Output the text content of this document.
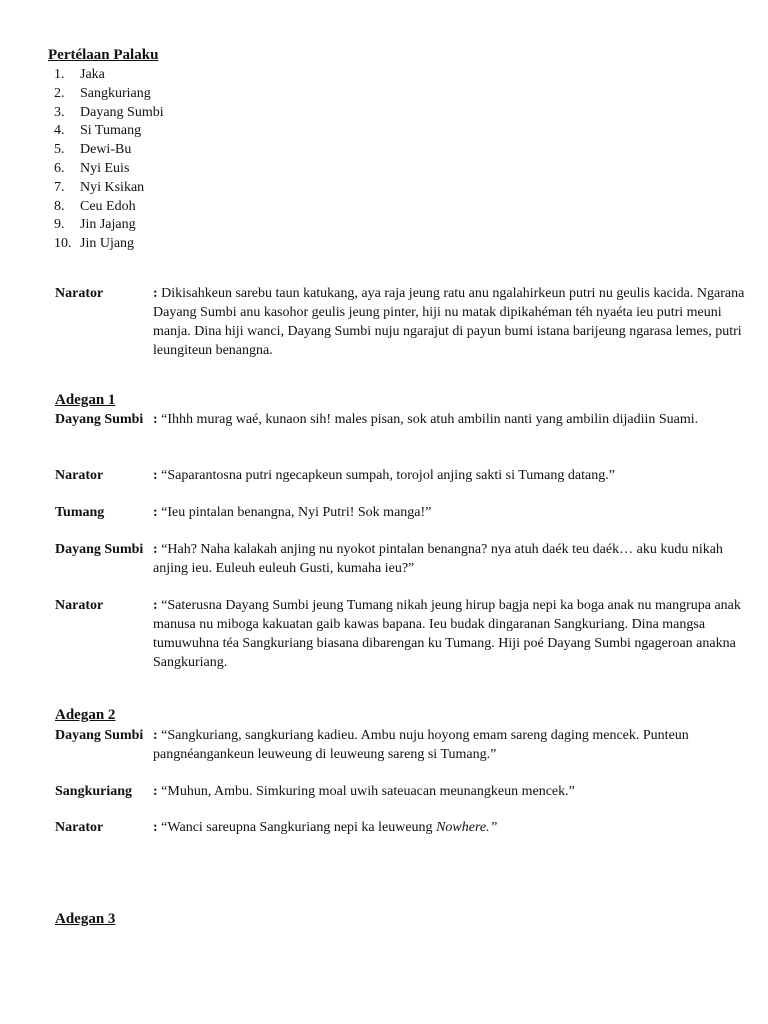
Pertélaan Palaku
1. Jaka
2. Sangkuriang
3. Dayang Sumbi
4. Si Tumang
5. Dewi-Bu
6. Nyi Euis
7. Nyi Ksikan
8. Ceu Edoh
9. Jin Jajang
10. Jin Ujang
Narator	: Dikisahkeun sarebu taun katukang, aya raja jeung ratu anu ngalahirkeun putri nu geulis kacida. Ngarana Dayang Sumbi anu kasohor geulis jeung pinter, hiji nu matak dipikahéman téh nyaéta ieu putri meuni manja. Dina hiji wanci, Dayang Sumbi nuju ngarajut di payun bumi istana barijeung ngarasa lemes, putri leungiteun benangna.
Adegan 1
Dayang Sumbi : “Ihhh murag waé, kunaon sih! males pisan, sok atuh ambilin nanti yang ambilin dijadiin Suami.
Narator	: “Saparantosna putri ngecapkeun sumpah, torojol anjing sakti si Tumang datang.”
Tumang	: “Ieu pintalan benangna, Nyi Putri! Sok manga!”
Dayang Sumbi : “Hah? Naha kalakah anjing nu nyokot pintalan benangna? nya atuh daék teu daék… aku kudu nikah anjing ieu. Euleuh euleuh Gusti, kumaha ieu?”
Narator	: “Saterusna Dayang Sumbi jeung Tumang nikah jeung hirup bagja nepi ka boga anak nu mangrupa anak manusa nu miboga kakuatan gaib kawas bapana. Ieu budak dingaranan Sangkuriang. Dina mangsa tumuwuhna téa Sangkuriang biasana dibarengan ku Tumang. Hiji poé Dayang Sumbi ngageroan anakna Sangkuriang.
Adegan 2
Dayang Sumbi : “Sangkuriang, sangkuriang kadieu. Ambu nuju hoyong emam sareng daging mencek. Punteun pangnéangankeun leuweung di leuweung sareng si Tumang.”
Sangkuriang : “Muhun, Ambu. Simkuring moal uwih sateuacan meunangkeun mencek.”
Narator	: “Wanci sareupna Sangkuriang nepi ka leuweung Nowhere.”
Adegan 3
